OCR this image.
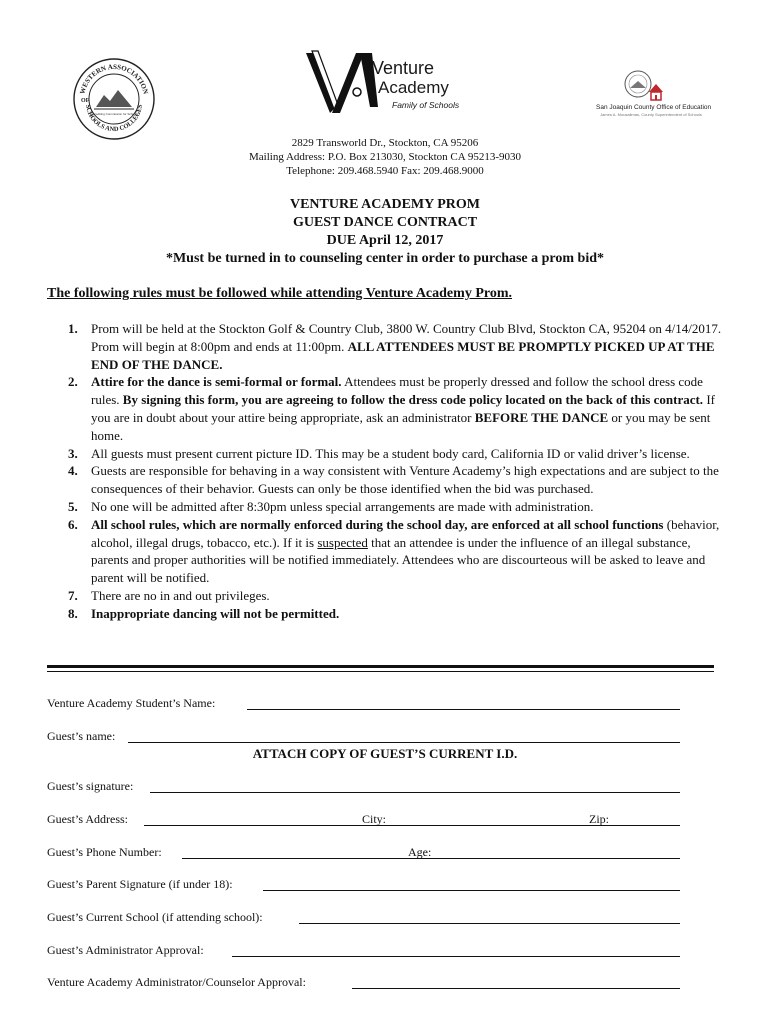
WESTERN ASSOCIATION
SCHOOLS AND COLLEGES
OF
Accrediting Commission for Schools
Venture
Academy
Family of Schools	San Joaquin County Office of Education
James A. Mousalimas, County Superintendent of Schools
2829 Transworld Dr., Stockton, CA 95206
Mailing Address: P.O. Box 213030, Stockton CA 95213-9030
Telephone: 209.468.5940 Fax: 209.468.9000
VENTURE ACADEMY PROM
GUEST DANCE CONTRACT
DUE April 12, 2017
*Must be turned in to counseling center in order to purchase a prom bid*
The following rules must be followed while attending Venture Academy Prom.
1. Prom will be held at the Stockton Golf & Country Club, 3800 W. Country Club Blvd, Stockton CA, 95204 on 4/14/2017. Prom will begin at 8:00pm and ends at 11:00pm. ALL ATTENDEES MUST BE PROMPTLY PICKED UP AT THE END OF THE DANCE.
2. Attire for the dance is semi-formal or formal. Attendees must be properly dressed and follow the school dress code rules. By signing this form, you are agreeing to follow the dress code policy located on the back of this contract. If you are in doubt about your attire being appropriate, ask an administrator BEFORE THE DANCE or you may be sent home.
3. All guests must present current picture ID. This may be a student body card, California ID or valid driver’s license.
4. Guests are responsible for behaving in a way consistent with Venture Academy’s high expectations and are subject to the consequences of their behavior. Guests can only be those identified when the bid was purchased.
5. No one will be admitted after 8:30pm unless special arrangements are made with administration.
6. All school rules, which are normally enforced during the school day, are enforced at all school functions (behavior, alcohol, illegal drugs, tobacco, etc.). If it is suspected that an attendee is under the influence of an illegal substance, parents and proper authorities will be notified immediately. Attendees who are discourteous will be asked to leave and parent will be notified.
7. There are no in and out privileges.
8. Inappropriate dancing will not be permitted.
Venture Academy Student’s Name:
Guest’s name:
ATTACH COPY OF GUEST’S CURRENT I.D.
Guest’s signature:
Guest’s Address:	City:	Zip:
Guest’s Phone Number:	Age:
Guest’s Parent Signature (if under 18):
Guest’s Current School (if attending school):
Guest’s Administrator Approval:
Venture Academy Administrator/Counselor Approval:
